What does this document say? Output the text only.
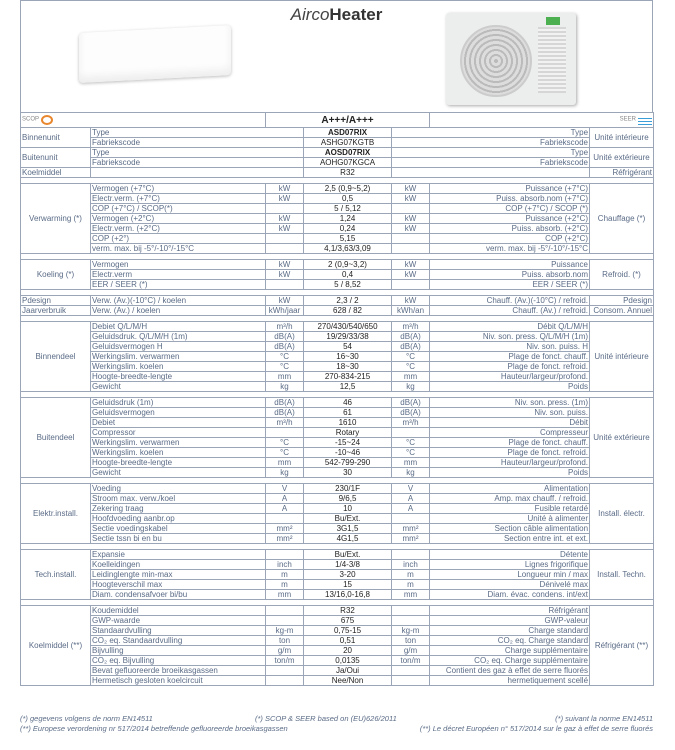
AircoHeater
SCOP		A+++/A+++			SEER	
Binnenunit	Type		ASD07RIX	Type		Unité intérieure
	Fabriekscode		ASHG07KGTB	Fabriekscode		
Buitenunit	Type		AOSD07RIX	Type		Unité extérieure
	Fabriekscode		AOHG07KGCA	Fabriekscode		
Koelmiddel			R32			Réfrigérant

Verwarming (*)	Vermogen (+7°C)	kW	2,5 (0,9~5,2)	kW	Puissance (+7°C)	Chauffage (*)
	Electr.verm. (+7°C)	kW	0,5	kW	Puiss. absorb.nom (+7°C)	
	COP (+7°C) / SCOP(*)		5 / 5,12		COP (+7°C) / SCOP (*)	
	Vermogen (+2°C)	kW	1,24	kW	Puissance (+2°C)	
	Electr.verm. (+2°C)	kW	0,24	kW	Puiss. absorb. (+2°C)	
	COP (+2°)		5,15		COP (+2°C)	
	verm. max. bij -5°/-10°/-15°C		4,1/3,63/3,09		verm. max. bij -5°/-10°/-15°C	

Koeling (*)	Vermogen	kW	2 (0,9~3,2)	kW	Puissance	Refroid. (*)
	Electr.verm	kW	0,4	kW	Puiss. absorb.nom	
	EER / SEER (*)		5 / 8,52		EER / SEER (*)	

Pdesign	Verw. (Av.)(-10°C) / koelen	kW	2,3 / 2	kW	Chauff. (Av.)(-10°C) / refroid.	Pdesign
Jaarverbruik	Verw. (Av.) / koelen	kWh/jaar	628 / 82	kWh/an	Chauff. (Av.) / refroid.	Consom. Annuel

Binnendeel	Debiet Q/L/M/H	m³/h	270/430/540/650	m³/h	Débit Q/L/M/H	Unité intérieure
	Geluidsdruk. Q/L/M/H (1m)	dB(A)	19/29/33/38	dB(A)	Niv. son. press. Q/L/M/H (1m)	
	Geluidsvermogen H	dB(A)	54	dB(A)	Niv. son. puiss. H	
	Werkingslim. verwarmen	°C	16~30	°C	Plage de fonct. chauff.	
	Werkingslim. koelen	°C	18~30	°C	Plage de fonct. refroid.	
	Hoogte-breedte-lengte	mm	270-834-215	mm	Hauteur/largeur/profond.	
	Gewicht	kg	12,5	kg	Poids	

Buitendeel	Geluidsdruk (1m)	dB(A)	46	dB(A)	Niv. son. press. (1m)	Unité extérieure
	Geluidsvermogen	dB(A)	61	dB(A)	Niv. son. puiss.	
	Debiet	m³/h	1610	m³/h	Débit	
	Compressor		Rotary		Compresseur	
	Werkingslim. verwarmen	°C	-15~24	°C	Plage de fonct. chauff.	
	Werkingslim. koelen	°C	-10~46	°C	Plage de fonct. refroid.	
	Hoogte-breedte-lengte	mm	542-799-290	mm	Hauteur/largeur/profond.	
	Gewicht	kg	30	kg	Poids	

Elektr.install.	Voeding	V	230/1F	V	Alimentation	Install. électr.
	Stroom max. verw./koel	A	9/6,5	A	Amp. max chauff. / refroid.	
	Zekering traag	A	10	A	Fusible retardé	
	Hoofdvoeding aanbr.op		Bu/Ext.		Unité à alimenter	
	Sectie voedingskabel	mm²	3G1,5	mm²	Section câble alimentation	
	Sectie tssn bi en bu	mm²	4G1,5	mm²	Section entre int. et ext.	

Tech.install.	Expansie		Bu/Ext.		Détente	Install. Techn.
	Koelleidingen	inch	1/4-3/8	inch	Lignes frigorifique	
	Leidinglengte min-max	m	3-20	m	Longueur min / max	
	Hoogteverschil max	m	15	m	Dénivelé max	
	Diam. condensafvoer bi/bu	mm	13/16,0-16,8	mm	Diam. évac. condens. int/ext	

Koelmiddel (**)	Koudemiddel		R32		Réfrigérant	Réfrigérant (**)
	GWP-waarde		675		GWP-valeur	
	Standaardvulling	kg-m	0,75-15	kg-m	Charge standard	
	CO₂ eq. Standaardvulling	ton	0,51	ton	CO₂ eq. Charge standard	
	Bijvulling	g/m	20	g/m	Charge supplémentaire	
	CO₂ eq. Bijvulling	ton/m	0,0135	ton/m	CO₂ eq. Charge supplémentaire	
	Bevat gefluoreerde broeikasgassen		Ja/Oui		Contient des gaz à effet de serre fluorés	
	Hermetisch gesloten koelcircuit		Nee/Non		hermetiquement scellé	
(*) gegevens volgens de norm EN14511	(*) SCOP & SEER based on (EU)626/2011	(*) suivant la norme EN14511
(**) Europese verordening nr 517/2014 betreffende gefluoreerde broeikasgassen	(**) Le décret Européen n° 517/2014 sur le gaz à effet de serre fluorés
